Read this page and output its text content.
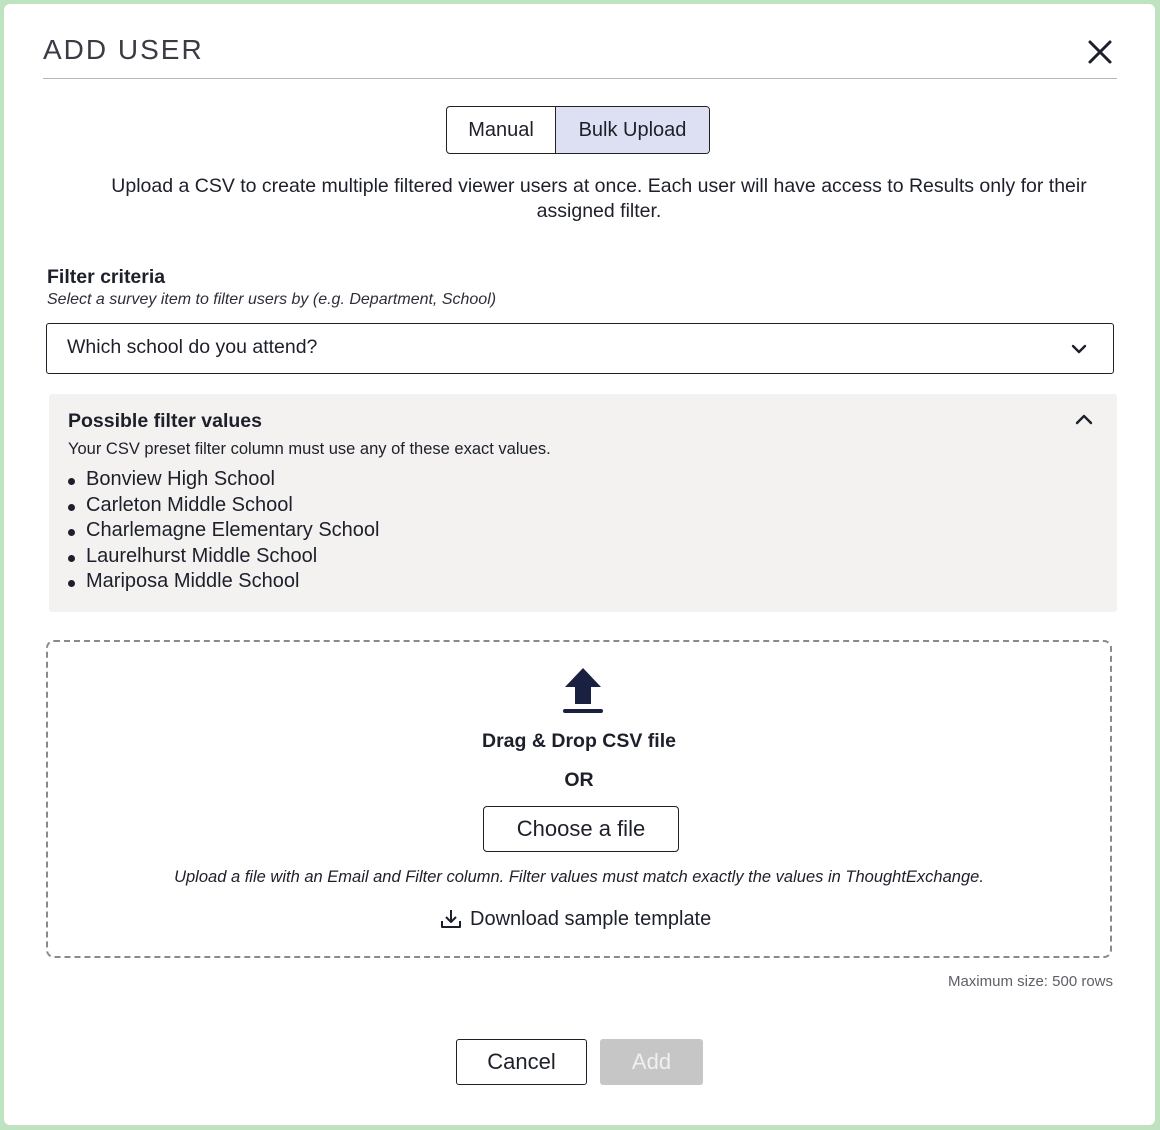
ADD USER
Manual	Bulk Upload
Upload a CSV to create multiple filtered viewer users at once. Each user will have access to Results only for their assigned filter.
Filter criteria
Select a survey item to filter users by (e.g. Department, School)
Which school do you attend?
Possible filter values
Your CSV preset filter column must use any of these exact values.
Bonview High School
Carleton Middle School
Charlemagne Elementary School
Laurelhurst Middle School
Mariposa Middle School
Drag & Drop CSV file
OR
Choose a file
Upload a file with an Email and Filter column. Filter values must match exactly the values in ThoughtExchange.
Download sample template
Maximum size: 500 rows
Cancel	Add
